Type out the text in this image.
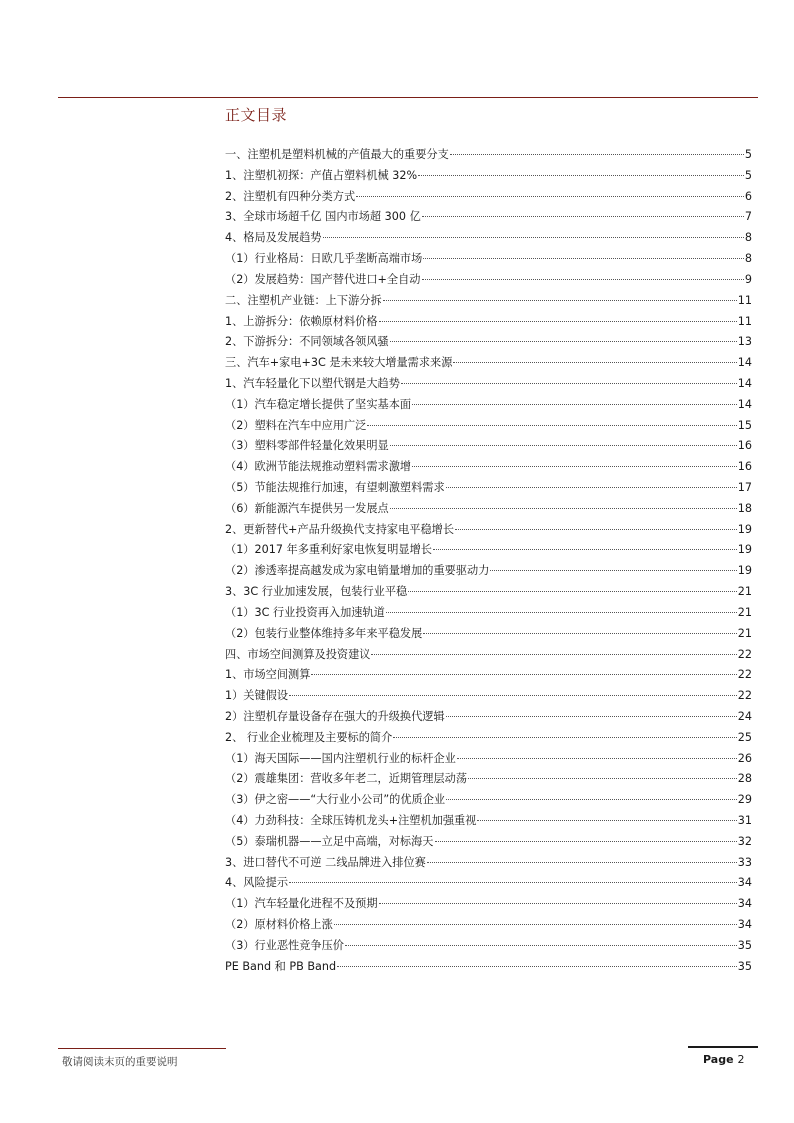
正文目录
一、注塑机是塑料机械的产值最大的重要分支	5
1、注塑机初探：产值占塑料机械 32%	5
2、注塑机有四种分类方式	6
3、全球市场超千亿 国内市场超 300 亿	7
4、格局及发展趋势	8
（1）行业格局：日欧几乎垄断高端市场	8
（2）发展趋势：国产替代进口+全自动	9
二、注塑机产业链：上下游分拆	11
1、上游拆分：依赖原材料价格	11
2、下游拆分：不同领域各领风骚	13
三、汽车+家电+3C 是未来较大增量需求来源	14
1、汽车轻量化下以塑代钢是大趋势	14
（1）汽车稳定增长提供了坚实基本面	14
（2）塑料在汽车中应用广泛	15
（3）塑料零部件轻量化效果明显	16
（4）欧洲节能法规推动塑料需求激增	16
（5）节能法规推行加速，有望刺激塑料需求	17
（6）新能源汽车提供另一发展点	18
2、更新替代+产品升级换代支持家电平稳增长	19
（1）2017 年多重利好家电恢复明显增长	19
（2）渗透率提高越发成为家电销量增加的重要驱动力	19
3、3C 行业加速发展，包装行业平稳	21
（1）3C 行业投资再入加速轨道	21
（2）包装行业整体维持多年来平稳发展	21
四、市场空间测算及投资建议	22
1、市场空间测算	22
1）关键假设	22
2）注塑机存量设备存在强大的升级换代逻辑	24
2、 行业企业梳理及主要标的简介	25
（1）海天国际——国内注塑机行业的标杆企业	26
（2）震雄集团：营收多年老二，近期管理层动荡	28
（3）伊之密——“大行业小公司”的优质企业	29
（4）力劲科技：全球压铸机龙头+注塑机加强重视	31
（5）泰瑞机器——立足中高端，对标海天	32
3、进口替代不可逆 二线品牌进入排位赛	33
4、风险提示	34
（1）汽车轻量化进程不及预期	34
（2）原材料价格上涨	34
（3）行业恶性竞争压价	35
PE Band 和 PB Band	35
敬请阅读末页的重要说明	Page 2
